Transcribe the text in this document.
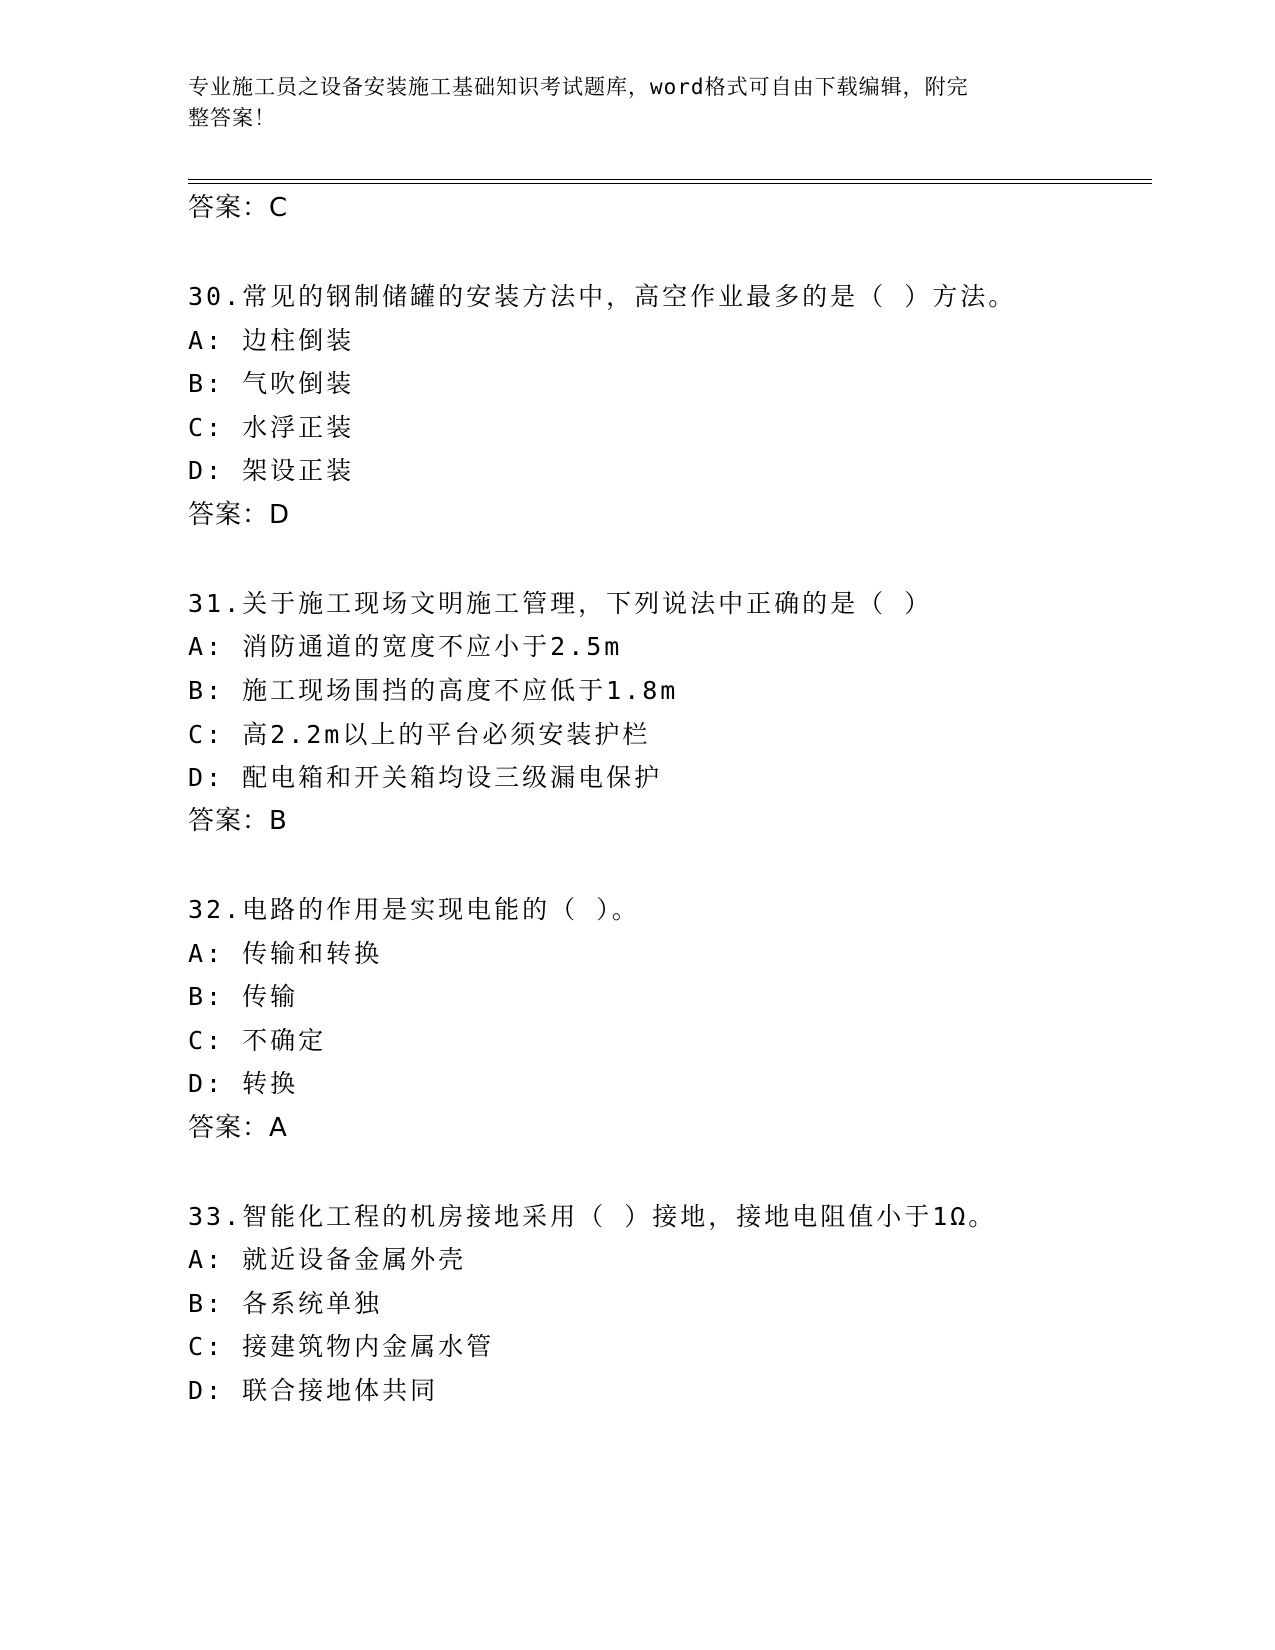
专业施工员之设备安装施工基础知识考试题库，word格式可自由下载编辑，附完
整答案！
答案：C
30.常见的钢制储罐的安装方法中，高空作业最多的是（ ）方法。
A: 边柱倒装
B: 气吹倒装
C: 水浮正装
D: 架设正装
答案：D
31.关于施工现场文明施工管理，下列说法中正确的是（ ）
A: 消防通道的宽度不应小于2.5m
B: 施工现场围挡的高度不应低于1.8m
C: 高2.2m以上的平台必须安装护栏
D: 配电箱和开关箱均设三级漏电保护
答案：B
32.电路的作用是实现电能的（ ）。
A: 传输和转换
B: 传输
C: 不确定
D: 转换
答案：A
33.智能化工程的机房接地采用（ ）接地，接地电阻值小于1Ω。
A: 就近设备金属外壳
B: 各系统单独
C: 接建筑物内金属水管
D: 联合接地体共同
